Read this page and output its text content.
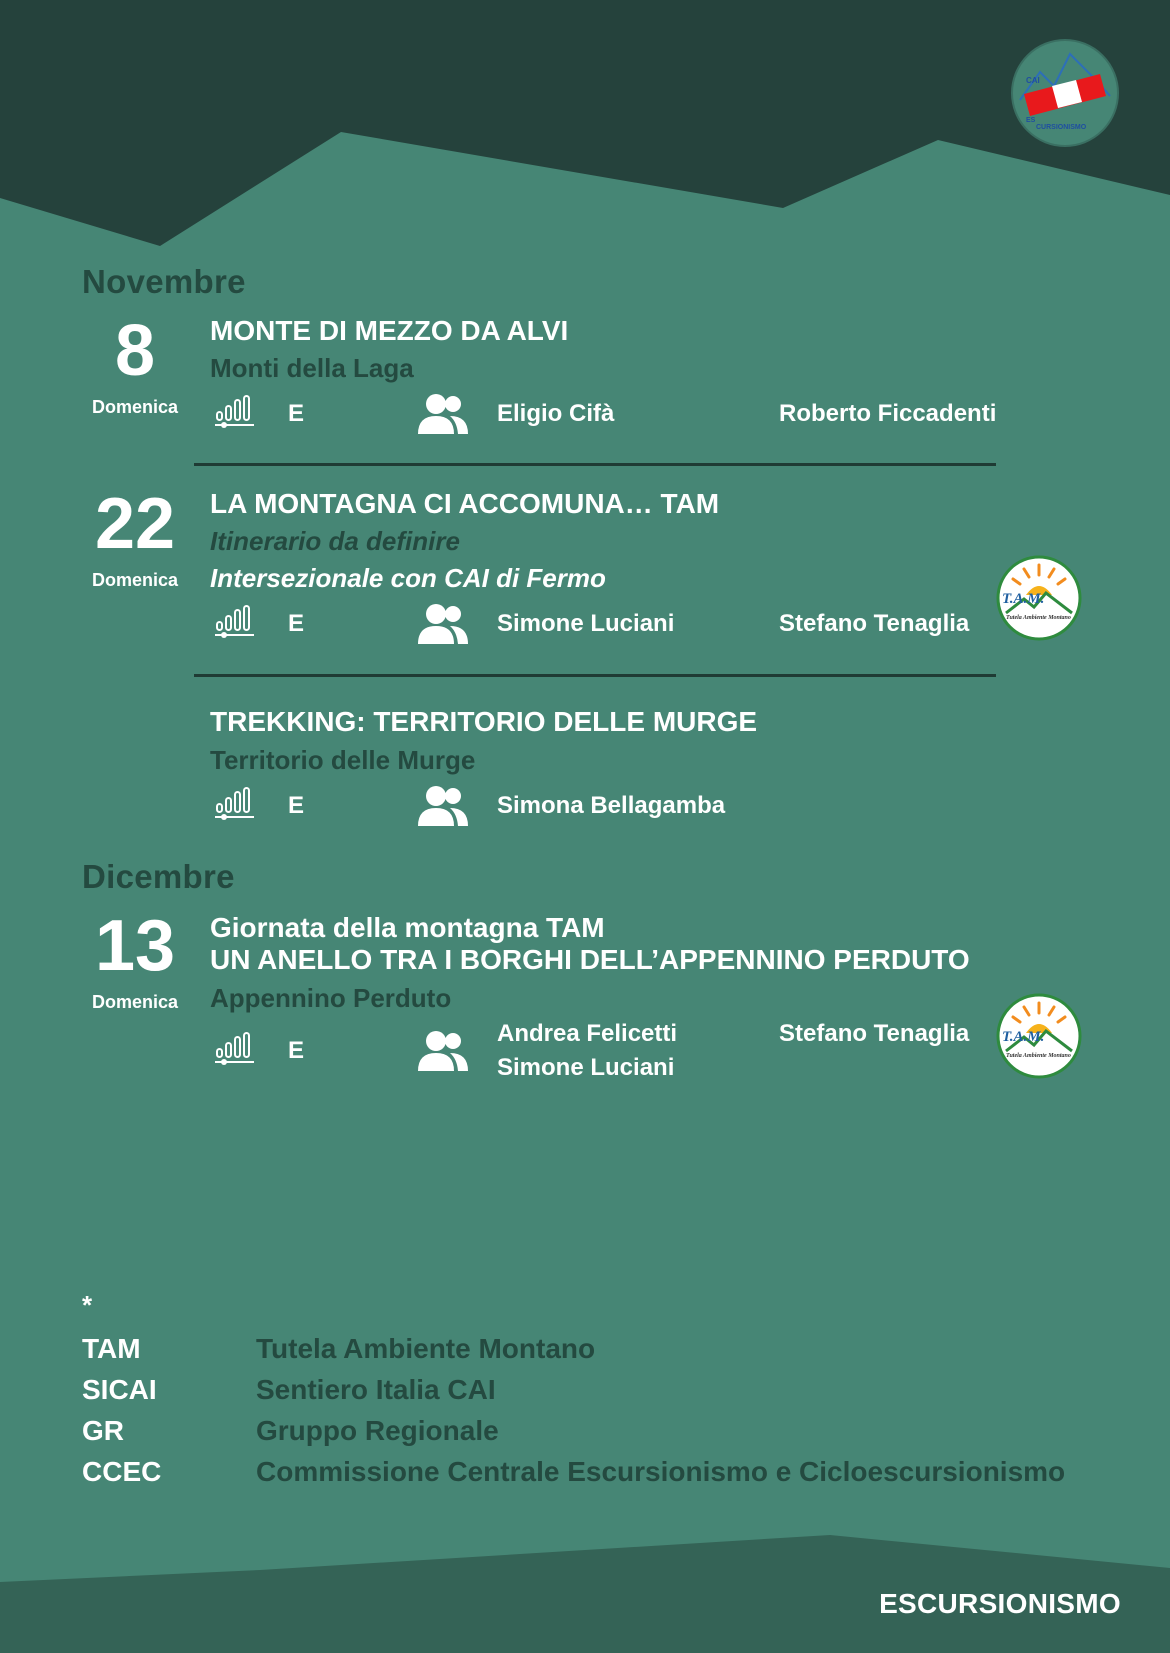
CAI
ES
CURSIONISMO
Novembre
8
Domenica
MONTE DI MEZZO DA ALVI
Monti della Laga
E	Eligio Cifà	Roberto Ficcadenti
22
Domenica
LA MONTAGNA CI ACCOMUNA… TAM
Itinerario da definire
Intersezionale con CAI di Fermo
E	Simone Luciani	Stefano Tenaglia
T.A.M.
Tutela Ambiente Montano
TREKKING: TERRITORIO DELLE MURGE
Territorio delle Murge
E	Simona Bellagamba
Dicembre
13
Domenica
Giornata della montagna TAM
UN ANELLO TRA I BORGHI DELL’APPENNINO PERDUTO
Appennino Perduto
E
Andrea Felicetti
Simone Luciani
Stefano Tenaglia T.A.M.
Tutela Ambiente Montano
*
TAM	Tutela Ambiente Montano
SICAI	Sentiero Italia CAI
GR	Gruppo Regionale
CCEC	Commissione Centrale Escursionismo e Cicloescursionismo
ESCURSIONISMO
